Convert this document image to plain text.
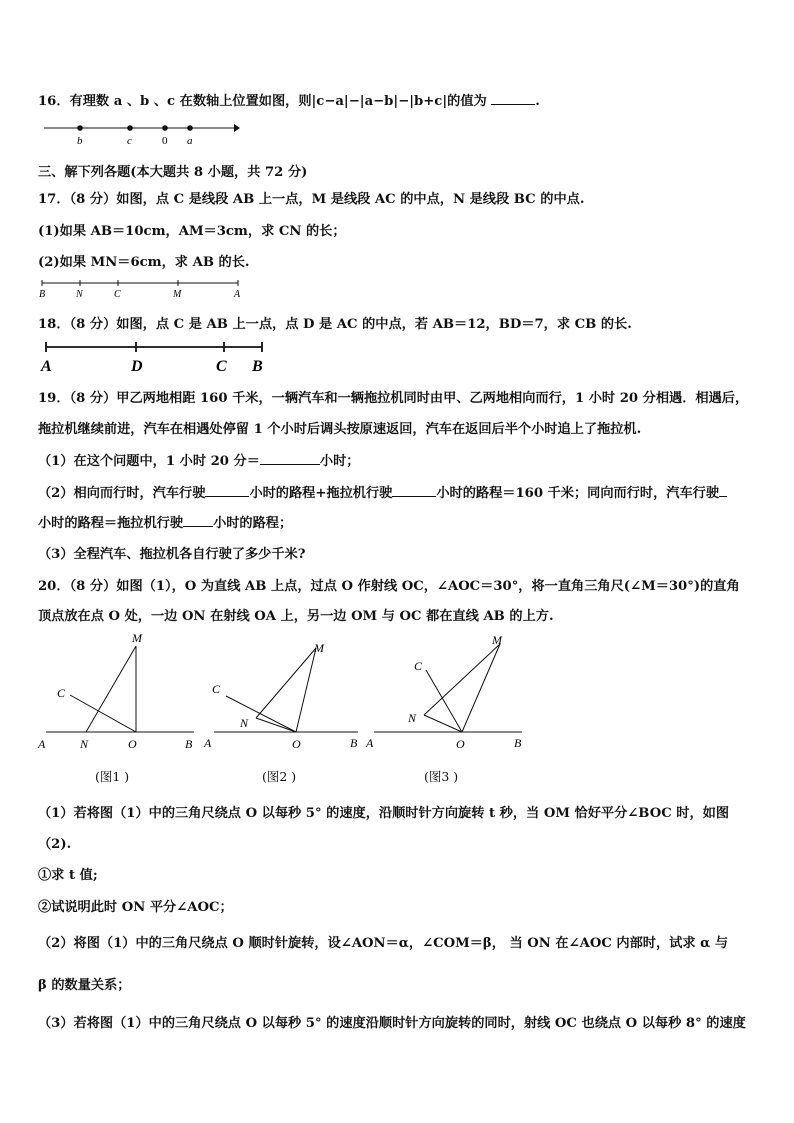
16．有理数 a 、b 、c 在数轴上位置如图，则|c−a|−|a−b|−|b+c|的值为	.
b	c	0 a
三、解下列各题(本大题共 8 小题，共 72 分)
17．（8 分）如图，点 C 是线段 AB 上一点，M 是线段 AC 的中点，N 是线段 BC 的中点.
(1)如果 AB＝10cm，AM＝3cm，求 CN 的长；
(2)如果 MN＝6cm，求 AB 的长.
B	N	C	M	A
18．（8 分）如图，点 C 是 AB 上一点，点 D 是 AC 的中点，若 AB＝12，BD＝7，求 CB 的长.
A	D	C B
19．（8 分）甲乙两地相距 160 千米，一辆汽车和一辆拖拉机同时由甲、乙两地相向而行，1 小时 20 分相遇．相遇后，
拖拉机继续前进，汽车在相遇处停留 1 个小时后调头按原速返回，汽车在返回后半个小时追上了拖拉机.
（1）在这个问题中，1 小时 20 分＝	小时；
（2）相向而行时，汽车行驶	小时的路程+拖拉机行驶	小时的路程＝160 千米；同向而行时，汽车行驶
小时的路程＝拖拉机行驶 小时的路程；
（3）全程汽车、拖拉机各自行驶了多少千米?
20．（8 分）如图（1），O 为直线 AB 上点，过点 O 作射线 OC，∠AOC＝30°，将一直角三角尺(∠M＝30°)的直角
顶点放在点 O 处，一边 ON 在射线 OA 上，另一边 OM 与 OC 都在直线 AB 的上方.
M
C
A	N	O	B
M
C
N
A	O	B
M
C
N
A	O	B
(图1 )	(图2 )	(图3 )
（1）若将图（1）中的三角尺绕点 O 以每秒 5° 的速度，沿顺时针方向旋转 t 秒，当 OM 恰好平分∠BOC 时，如图
（2).
①求 t 值;
②试说明此时 ON 平分∠AOC；
（2）将图（1）中的三角尺绕点 O 顺时针旋转，设∠AON＝α，∠COM＝β， 当 ON 在∠AOC 内部时，试求 α 与
β 的数量关系；
（3）若将图（1）中的三角尺绕点 O 以每秒 5° 的速度沿顺时针方向旋转的同时，射线 OC 也绕点 O 以每秒 8° 的速度
